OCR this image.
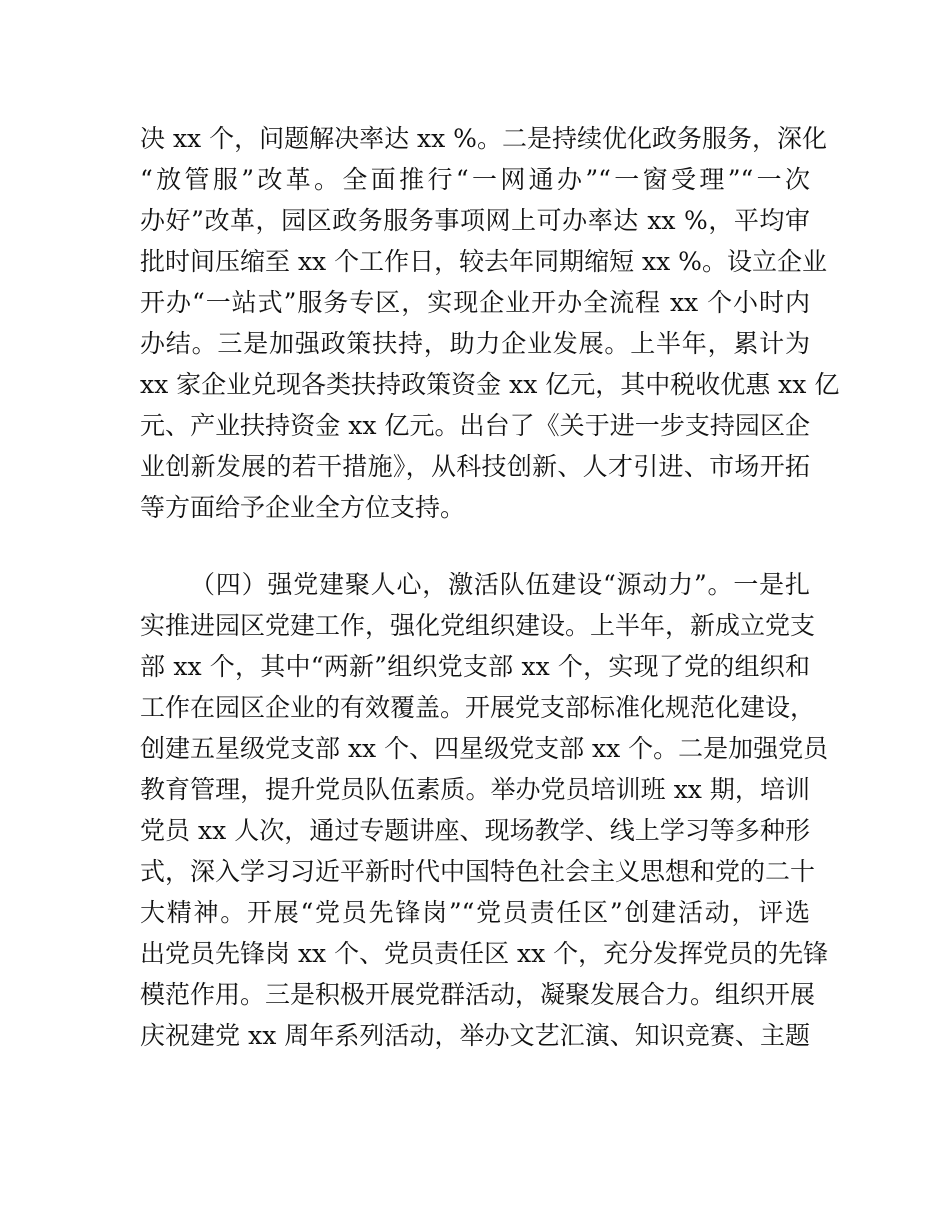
决 xx 个，问题解决率达 xx %。二是持续优化政务服务，深化
“放管服”改革。全面推行“一网通办”“一窗受理”“一次
办好”改革，园区政务服务事项网上可办率达 xx %，平均审
批时间压缩至 xx 个工作日，较去年同期缩短 xx %。设立企业
开办“一站式”服务专区，实现企业开办全流程 xx 个小时内
办结。三是加强政策扶持，助力企业发展。上半年，累计为
xx 家企业兑现各类扶持政策资金 xx 亿元，其中税收优惠 xx 亿
元、产业扶持资金 xx 亿元。出台了《关于进一步支持园区企
业创新发展的若干措施》，从科技创新、人才引进、市场开拓
等方面给予企业全方位支持。
（四）强党建聚人心，激活队伍建设“源动力”。一是扎
实推进园区党建工作，强化党组织建设。上半年，新成立党支
部 xx 个，其中“两新”组织党支部 xx 个，实现了党的组织和
工作在园区企业的有效覆盖。开展党支部标准化规范化建设，
创建五星级党支部 xx 个、四星级党支部 xx 个。二是加强党员
教育管理，提升党员队伍素质。举办党员培训班 xx 期，培训
党员 xx 人次，通过专题讲座、现场教学、线上学习等多种形
式，深入学习习近平新时代中国特色社会主义思想和党的二十
大精神。开展“党员先锋岗”“党员责任区”创建活动，评选
出党员先锋岗 xx 个、党员责任区 xx 个，充分发挥党员的先锋
模范作用。三是积极开展党群活动，凝聚发展合力。组织开展
庆祝建党 xx 周年系列活动，举办文艺汇演、知识竞赛、主题
